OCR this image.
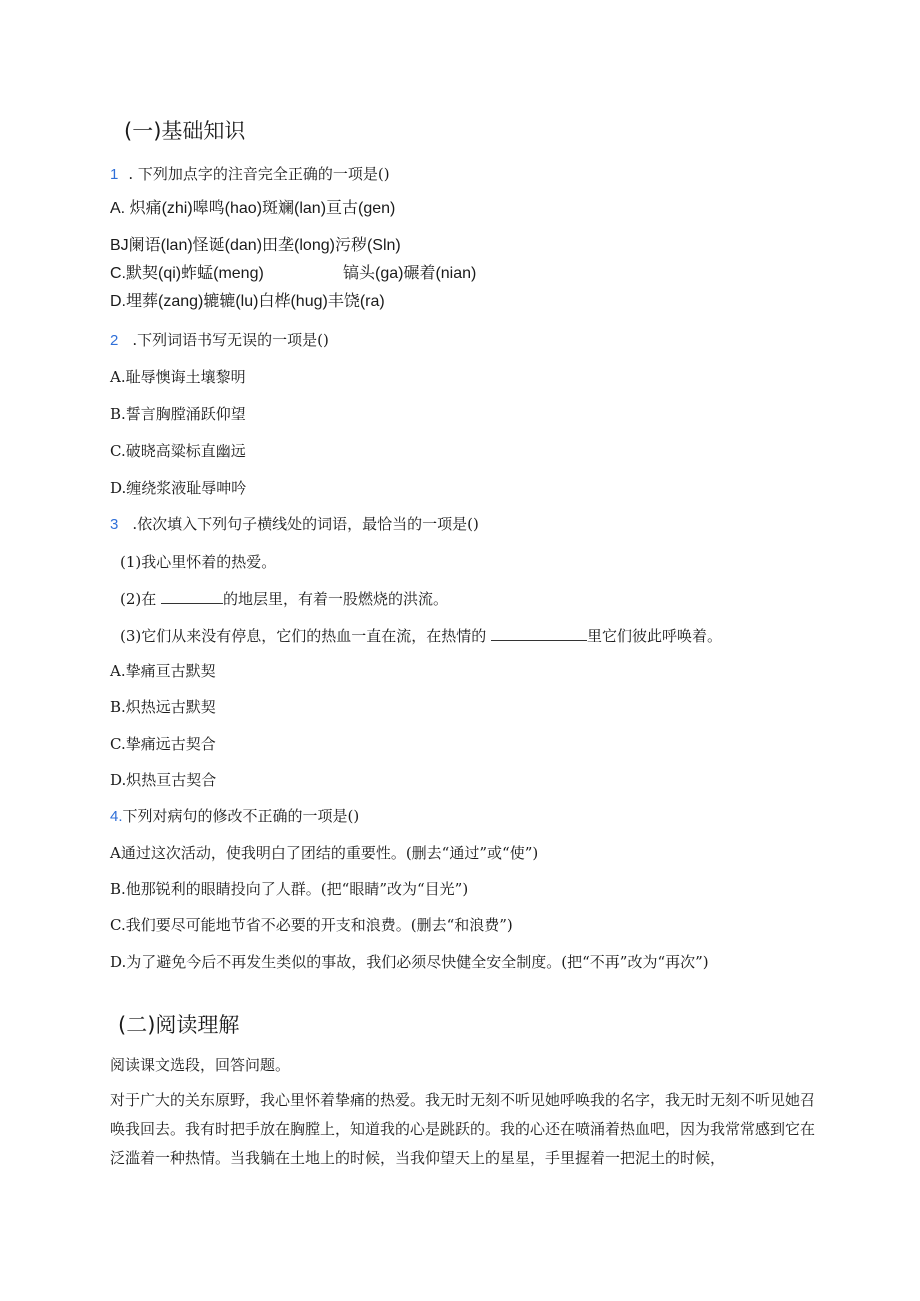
(一)基础知识
1 . 下列加点字的注音完全正确的一项是()
A. 炽痛(zhi)嗥鸣(hao)斑斓(lan)亘古(gen)
BJ阑语(lan)怪诞(dan)田垄(long)污秽(Sln)
C.默契(qi)蚱蜢(meng)	镐头(ga)碾着(nian)
D.埋葬(zang)辘辘(lu)白桦(hug)丰饶(ra)
2 .下列词语书写无误的一项是()
A.耻辱懊诲土壤黎明
B.誓言胸膛涌跃仰望
C.破晓高粱标直幽远
D.缠绕浆液耻辱呻吟
3 .依次填入下列句子横线处的词语，最恰当的一项是()
(1)我心里怀着的热爱。
(2)在	的地层里，有着一股燃烧的洪流。
(3)它们从来没有停息，它们的热血一直在流，在热情的	里它们彼此呼唤着。
A.挚痛亘古默契
B.炽热远古默契
C.挚痛远古契合
D.炽热亘古契合
4.下列对病句的修改不正确的一项是()
A通过这次活动，使我明白了团结的重要性。(删去“通过”或“使”)
B.他那锐利的眼睛投向了人群。(把“眼睛”改为“目光”)
C.我们要尽可能地节省不必要的开支和浪费。(删去“和浪费”)
D.为了避免今后不再发生类似的事故，我们必须尽快健全安全制度。(把“不再”改为“再次”)
(二)阅读理解
阅读课文选段，回答问题。
对于广大的关东原野，我心里怀着挚痛的热爱。我无时无刻不听见她呼唤我的名字，我无时无刻不听见她召唤我回去。我有时把手放在胸膛上，知道我的心是跳跃的。我的心还在喷涌着热血吧，因为我常常感到它在泛滥着一种热情。当我躺在土地上的时候，当我仰望天上的星星，手里握着一把泥土的时候，
